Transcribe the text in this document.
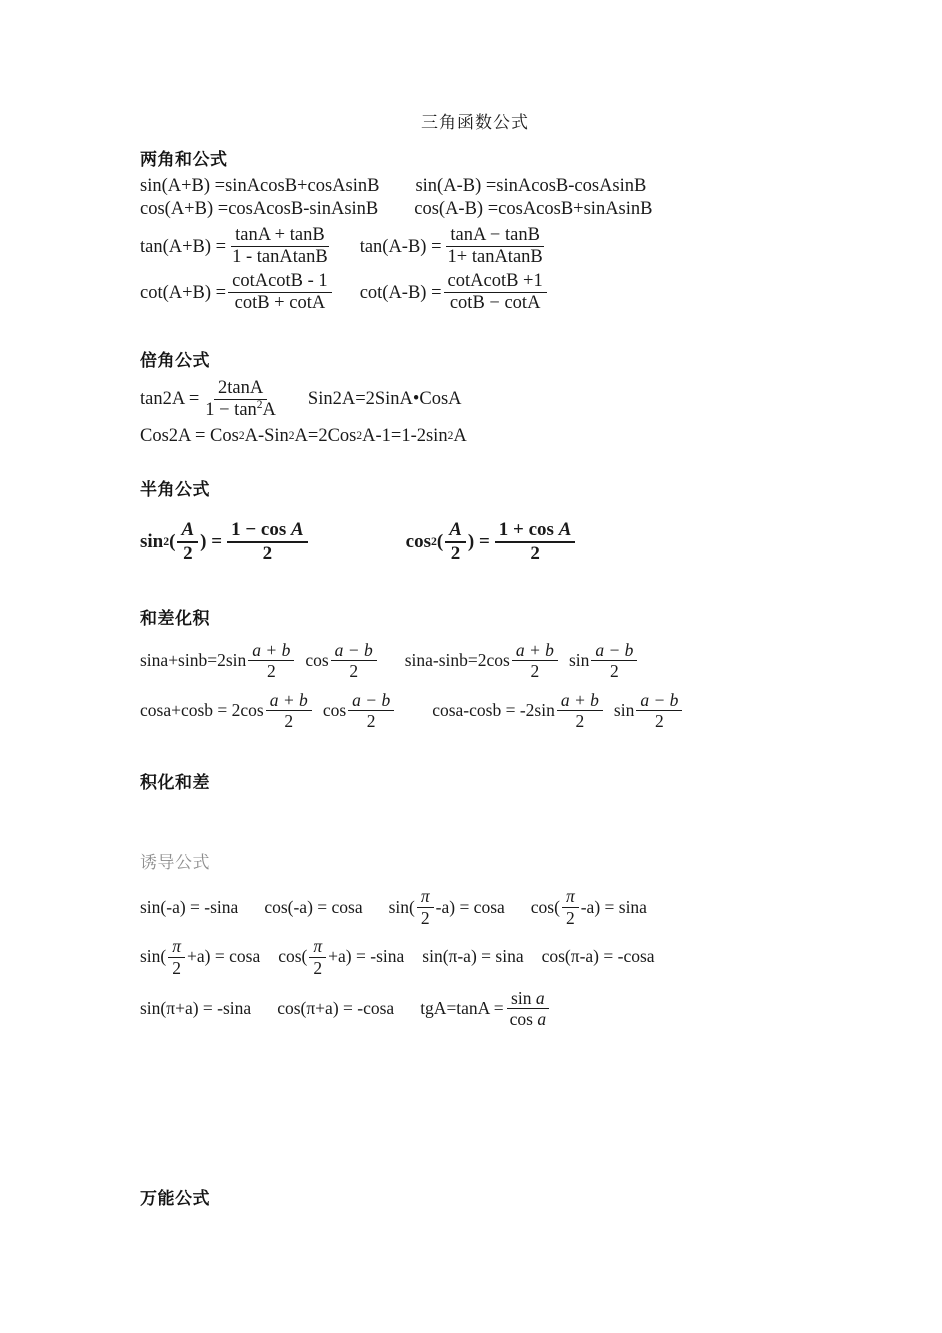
三角函数公式
两角和公式
sin(A+B) = sinAcosB+cosAsinB sin(A-B) = sinAcosB-cosAsinB
cos(A+B) = cosAcosB-sinAsinB cos(A-B) = cosAcosB+sinAsinB
$\tan(A+B) = \frac{\tan A + \tan B}{\text{1 - tanAtanB}} \tan(A-B) = \frac{\tan A - \tan B}{\text{1+ tanAtanB}}$
$\cot(A+B) = \frac{\text{cotAcotB - 1}}{\cot B + \cot A} \cot(A-B) = \frac{\text{cotAcotB +1}}{\cot B - \cot A}$
倍角公式
$\tan 2A = \frac{2\tan A}{1 - \tan^2A}$ Sin2A=2SinA•CosA
Cos2A = Cos 2 A-Sin 2 A=2Cos 2 A-1=1-2sin 2 A
半角公式
sin 2 ( $\frac{A}{2}$ ) = $\frac{\text{1 − cos A}}{2}$	cos 2 ( $\frac{A}{2}$ ) = $\frac{\text{1 + cos A}}{2}$
和差化积
$\sin a+\sin b=2\sin \frac{a + b}{2}$ $\cos \frac{a - b}{2} \sin a-\sin b=2\cos \frac{a + b}{2}$ $\sin \frac{a - b}{2}$
$\cos a+\cos b = 2\cos \frac{a + b}{2}$ $\cos \frac{a - b}{2} \cos a-\cos b = -2\sin \frac{a + b}{2}$ $\sin \frac{a - b}{2}$
积化和差
诱导公式
sin(-a) = -sina cos(-a) = cosa $\sin( \frac{\pi}{2} -a) = \cos a$ $\cos( \frac{\pi}{2} -a) = \sin a$
$\sin( \frac{\pi}{2} +a) = \cos a$ $\cos( \frac{\pi}{2} +a) = -\sin a$ sin(π-a) = sina cos(π-a) = -cosa
sin(π+a) = -sina cos(π+a) = -cosa $tgA=\tan A = \frac{\text{sin a}}{\text{cos a}}$
万能公式
